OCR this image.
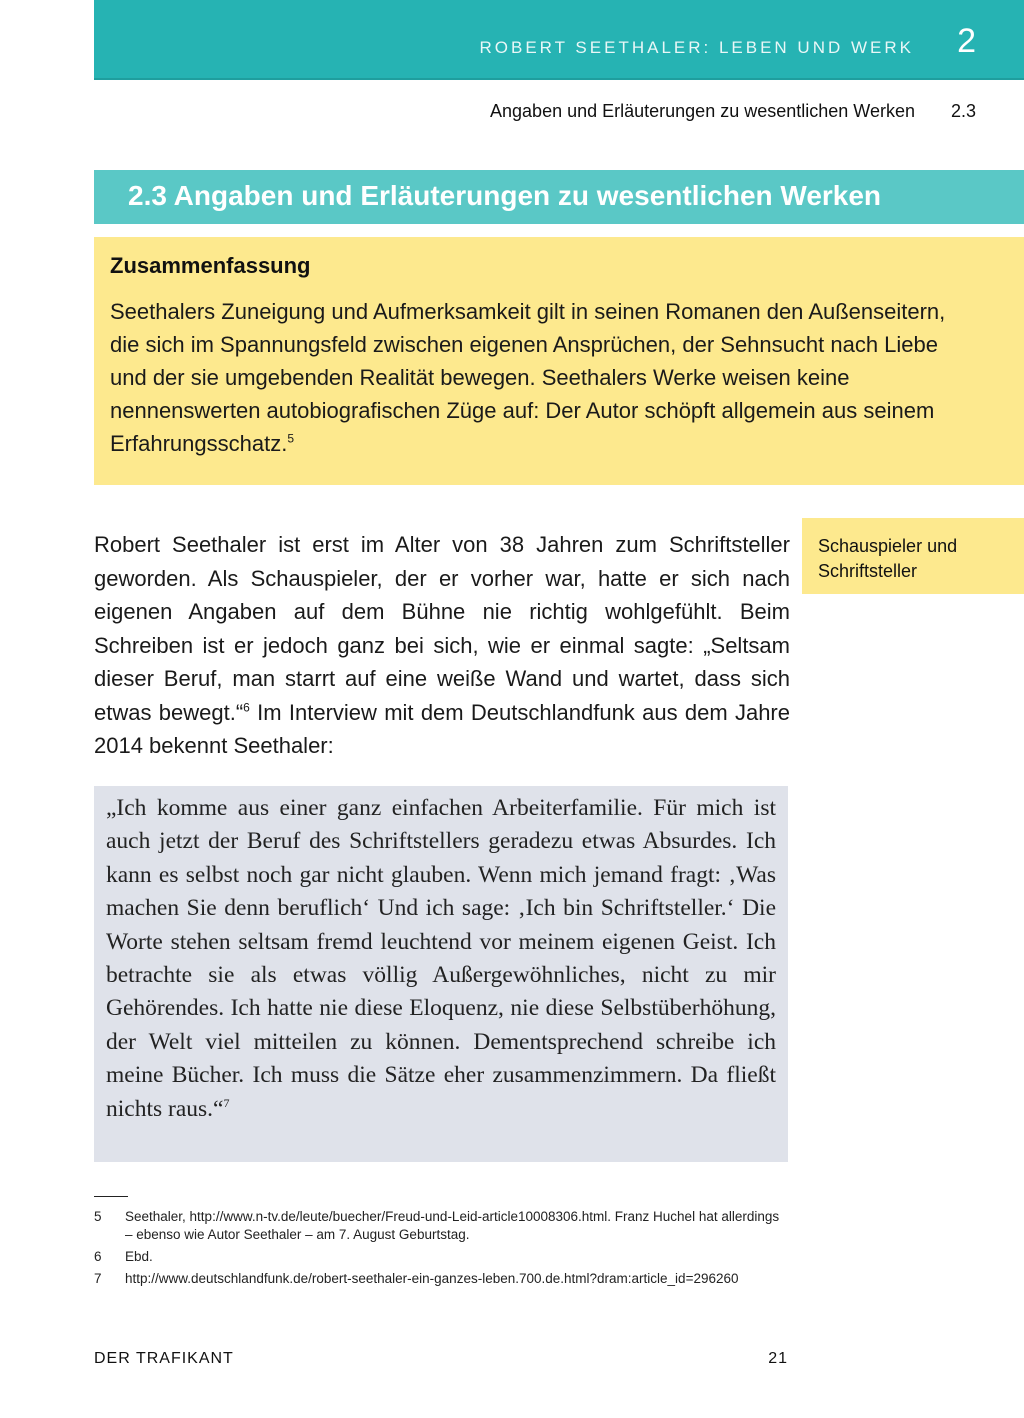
ROBERT SEETHALER: LEBEN UND WERK 2
Angaben und Erläuterungen zu wesentlichen Werken 2.3
2.3 Angaben und Erläuterungen zu wesentlichen Werken
Zusammenfassung
Seethalers Zuneigung und Aufmerksamkeit gilt in seinen Romanen den Außenseitern, die sich im Spannungsfeld zwischen eigenen Ansprüchen, der Sehnsucht nach Liebe und der sie umgebenden Realität bewegen. Seethalers Werke weisen keine nennenswerten autobiografischen Züge auf: Der Autor schöpft allgemein aus seinem Erfahrungsschatz.$^5$
Robert Seethaler ist erst im Alter von 38 Jahren zum Schriftsteller geworden. Als Schauspieler, der er vorher war, hatte er sich nach eigenen Angaben auf dem Bühne nie richtig wohlgefühlt. Beim Schreiben ist er jedoch ganz bei sich, wie er einmal sagte: „Seltsam dieser Beruf, man starrt auf eine weiße Wand und wartet, dass sich etwas bewegt.“$^6$ Im Interview mit dem Deutschlandfunk aus dem Jahre 2014 bekennt Seethaler:
Schauspieler und Schriftsteller
„Ich komme aus einer ganz einfachen Arbeiterfamilie. Für mich ist auch jetzt der Beruf des Schriftstellers geradezu etwas Absurdes. Ich kann es selbst noch gar nicht glauben. Wenn mich jemand fragt: ‚Was machen Sie denn beruflich‘ Und ich sage: ‚Ich bin Schriftsteller.‘ Die Worte stehen seltsam fremd leuchtend vor meinem eigenen Geist. Ich betrachte sie als etwas völlig Außergewöhnliches, nicht zu mir Gehörendes. Ich hatte nie diese Eloquenz, nie diese Selbstüberhöhung, der Welt viel mitteilen zu können. Dementsprechend schreibe ich meine Bücher. Ich muss die Sätze eher zusammenzimmern. Da fließt nichts raus.“$^7$
5	Seethaler, http://www.n-tv.de/leute/buecher/Freud-und-Leid-article10008306.html. Franz Huchel hat allerdings – ebenso wie Autor Seethaler – am 7. August Geburtstag.
6	Ebd.
7	http://www.deutschlandfunk.de/robert-seethaler-ein-ganzes-leben.700.de.html?dram:article_id=296260
DER TRAFIKANT	21
